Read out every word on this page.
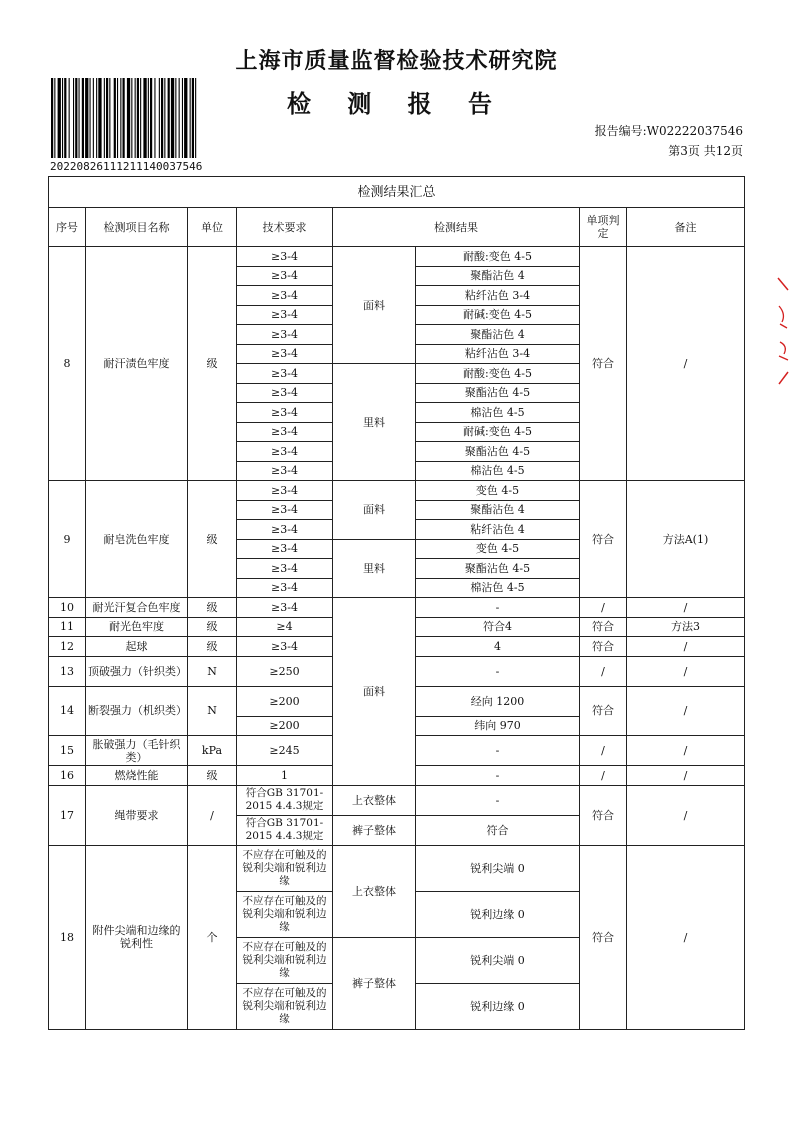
上海市质量监督检验技术研究院
检 测 报 告
20220826111211140037546
报告编号:W02222037546
第3页 共12页
检测结果汇总							
序号	检测项目名称	单位	技术要求	检测结果		单项判定	备注
8	耐汗渍色牢度	级	≥3-4	面料	耐酸:变色 4-5	符合	/
			≥3-4		聚酯沾色 4		
			≥3-4		粘纤沾色 3-4		
			≥3-4		耐碱:变色 4-5		
			≥3-4		聚酯沾色 4		
			≥3-4		粘纤沾色 3-4		
			≥3-4	里料	耐酸:变色 4-5		
			≥3-4		聚酯沾色 4-5		
			≥3-4		棉沾色 4-5		
			≥3-4		耐碱:变色 4-5		
			≥3-4		聚酯沾色 4-5		
			≥3-4		棉沾色 4-5		
9	耐皂洗色牢度	级	≥3-4	面料	变色 4-5	符合	方法A(1)
			≥3-4		聚酯沾色 4		
			≥3-4		粘纤沾色 4		
			≥3-4	里料	变色 4-5		
			≥3-4		聚酯沾色 4-5		
			≥3-4		棉沾色 4-5		
10	耐光汗复合色牢度	级	≥3-4	面料	-	/	/
11	耐光色牢度	级	≥4		符合4	符合	方法3
12	起球	级	≥3-4		4	符合	/
13	顶破强力（针织类）	N	≥250		-	/	/
14	断裂强力（机织类）	N	≥200		经向 1200	符合	/
			≥200		纬向 970		
15	胀破强力（毛针织类）	kPa	≥245		-	/	/
16	燃烧性能	级	1		-	/	/
17	绳带要求	/	符合GB 31701-2015 4.4.3规定	上衣整体	-	符合	/
			符合GB 31701-2015 4.4.3规定	裤子整体	符合		
18	附件尖端和边缘的锐利性	个	不应存在可触及的锐利尖端和锐利边缘	上衣整体	锐利尖端 0	符合	/
			不应存在可触及的锐利尖端和锐利边缘		锐利边缘 0		
			不应存在可触及的锐利尖端和锐利边缘	裤子整体	锐利尖端 0		
			不应存在可触及的锐利尖端和锐利边缘		锐利边缘 0		
